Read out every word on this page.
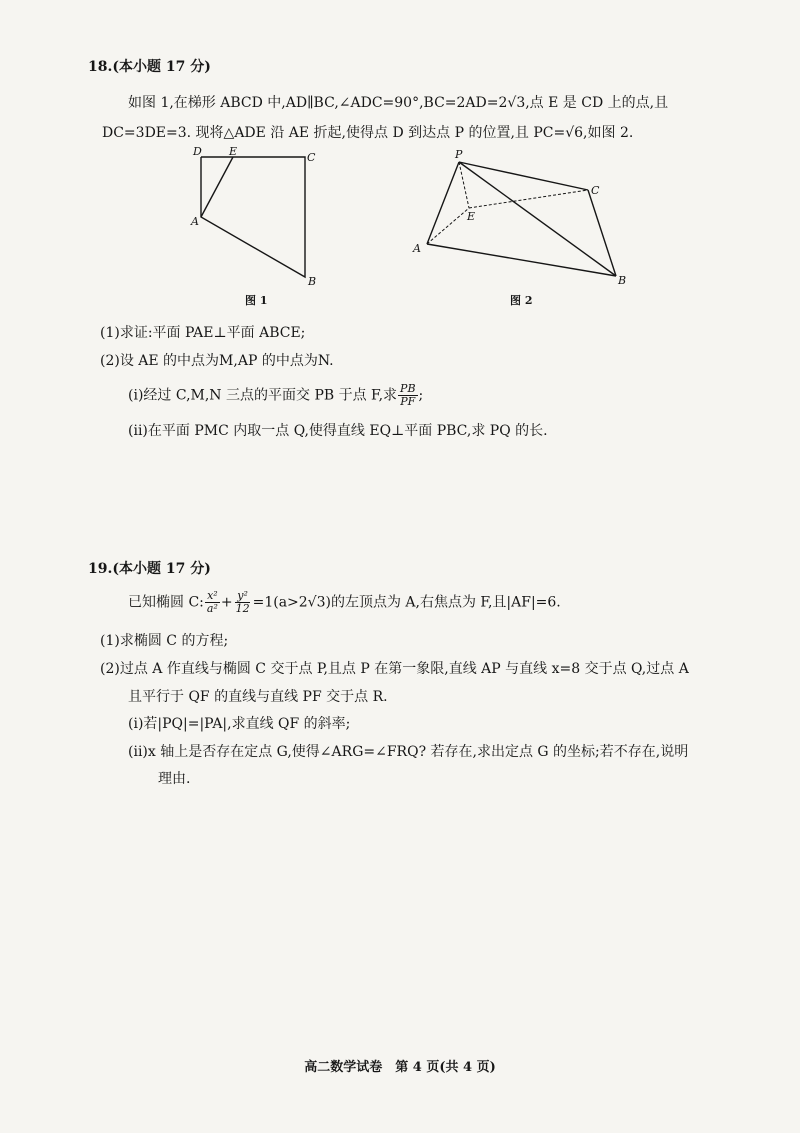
18.(本小题 17 分)
如图 1,在梯形 ABCD 中,AD∥BC,∠ADC=90°,BC=2AD=2√3,点 E 是 CD 上的点,且
DC=3DE=3. 现将△ADE 沿 AE 折起,使得点 D 到达点 P 的位置,且 PC=√6,如图 2.
D E	C
A
B
图 1
P
C
E
A
B
图 2
(1)求证:平面 PAE⊥平面 ABCE;
(2)设 AE 的中点为M,AP 的中点为N.
(ⅰ)经过 C,M,N 三点的平面交 PB 于点 F,求 $\frac{PB}{PF}$ ;
(ⅱ)在平面 PMC 内取一点 Q,使得直线 EQ⊥平面 PBC,求 PQ 的长.
19.(本小题 17 分)
已知椭圆 C: $\frac{\text{x²}}{\text{a²}} + \frac{\text{y²}}{12} =1(a>2√3)$的左顶点为 A,右焦点为 F,且|AF|=6.
(1)求椭圆 C 的方程;
(2)过点 A 作直线与椭圆 C 交于点 P,且点 P 在第一象限,直线 AP 与直线 x=8 交于点 Q,过点 A
且平行于 QF 的直线与直线 PF 交于点 R.
(ⅰ)若|PQ|=|PA|,求直线 QF 的斜率;
(ⅱ)x 轴上是否存在定点 G,使得∠ARG=∠FRQ? 若存在,求出定点 G 的坐标;若不存在,说明
理由.
高二数学试卷　第 4 页(共 4 页)
